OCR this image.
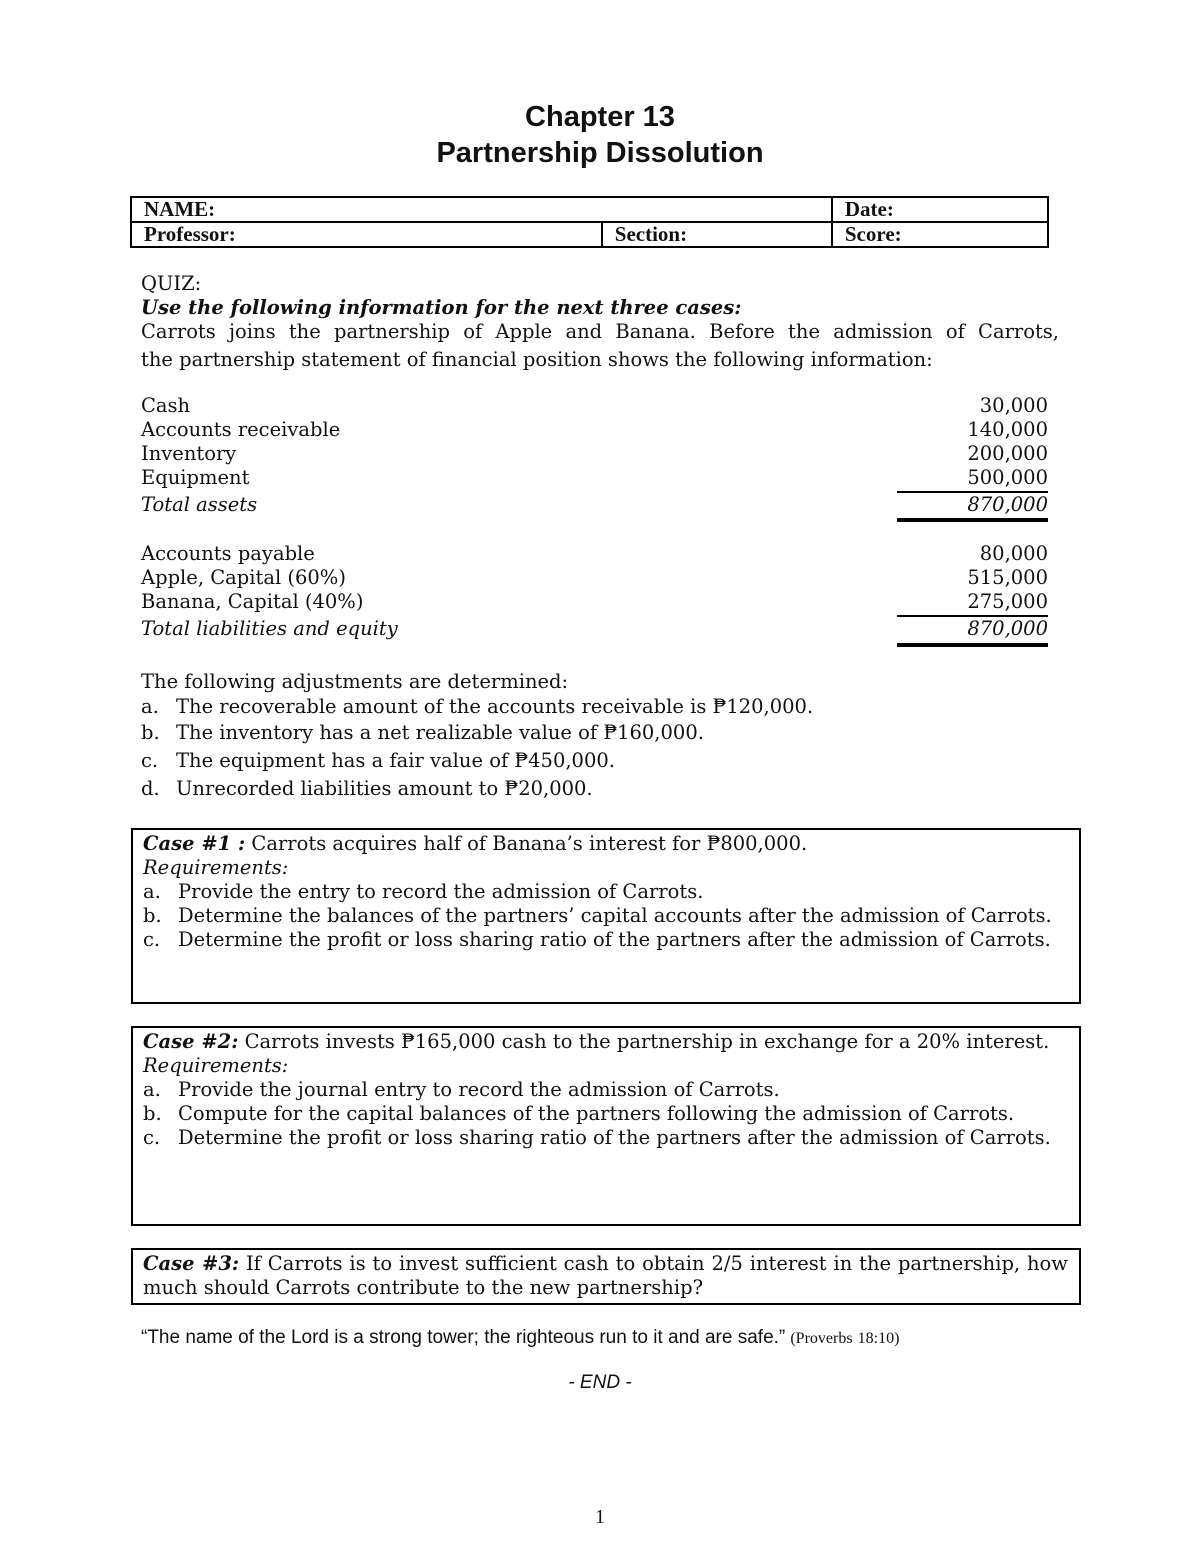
Chapter 13
Partnership Dissolution
NAME:		Date:
Professor:	Section:	Score:
QUIZ:
Use the following information for the next three cases:
Carrots joins the partnership of Apple and Banana. Before the admission of Carrots,
the partnership statement of financial position shows the following information:
Cash	30,000
Accounts receivable	140,000
Inventory	200,000
Equipment	500,000
Total assets	870,000
Accounts payable	80,000
Apple, Capital (60%)	515,000
Banana, Capital (40%)	275,000
Total liabilities and equity	870,000
The following adjustments are determined:
a. The recoverable amount of the accounts receivable is ₱120,000.
b. The inventory has a net realizable value of ₱160,000.
c. The equipment has a fair value of ₱450,000.
d. Unrecorded liabilities amount to ₱20,000.
Case #1 : Carrots acquires half of Banana’s interest for ₱800,000.
Requirements:
a. Provide the entry to record the admission of Carrots.
b. Determine the balances of the partners’ capital accounts after the admission of Carrots.
c. Determine the profit or loss sharing ratio of the partners after the admission of Carrots.
Case #2: Carrots invests ₱165,000 cash to the partnership in exchange for a 20% interest.
Requirements:
a. Provide the journal entry to record the admission of Carrots.
b. Compute for the capital balances of the partners following the admission of Carrots.
c. Determine the profit or loss sharing ratio of the partners after the admission of Carrots.
Case #3: If Carrots is to invest sufficient cash to obtain 2/5 interest in the partnership, how much should Carrots contribute to the new partnership?
“The name of the Lord is a strong tower; the righteous run to it and are safe.” (Proverbs 18:10)
- END -
1
